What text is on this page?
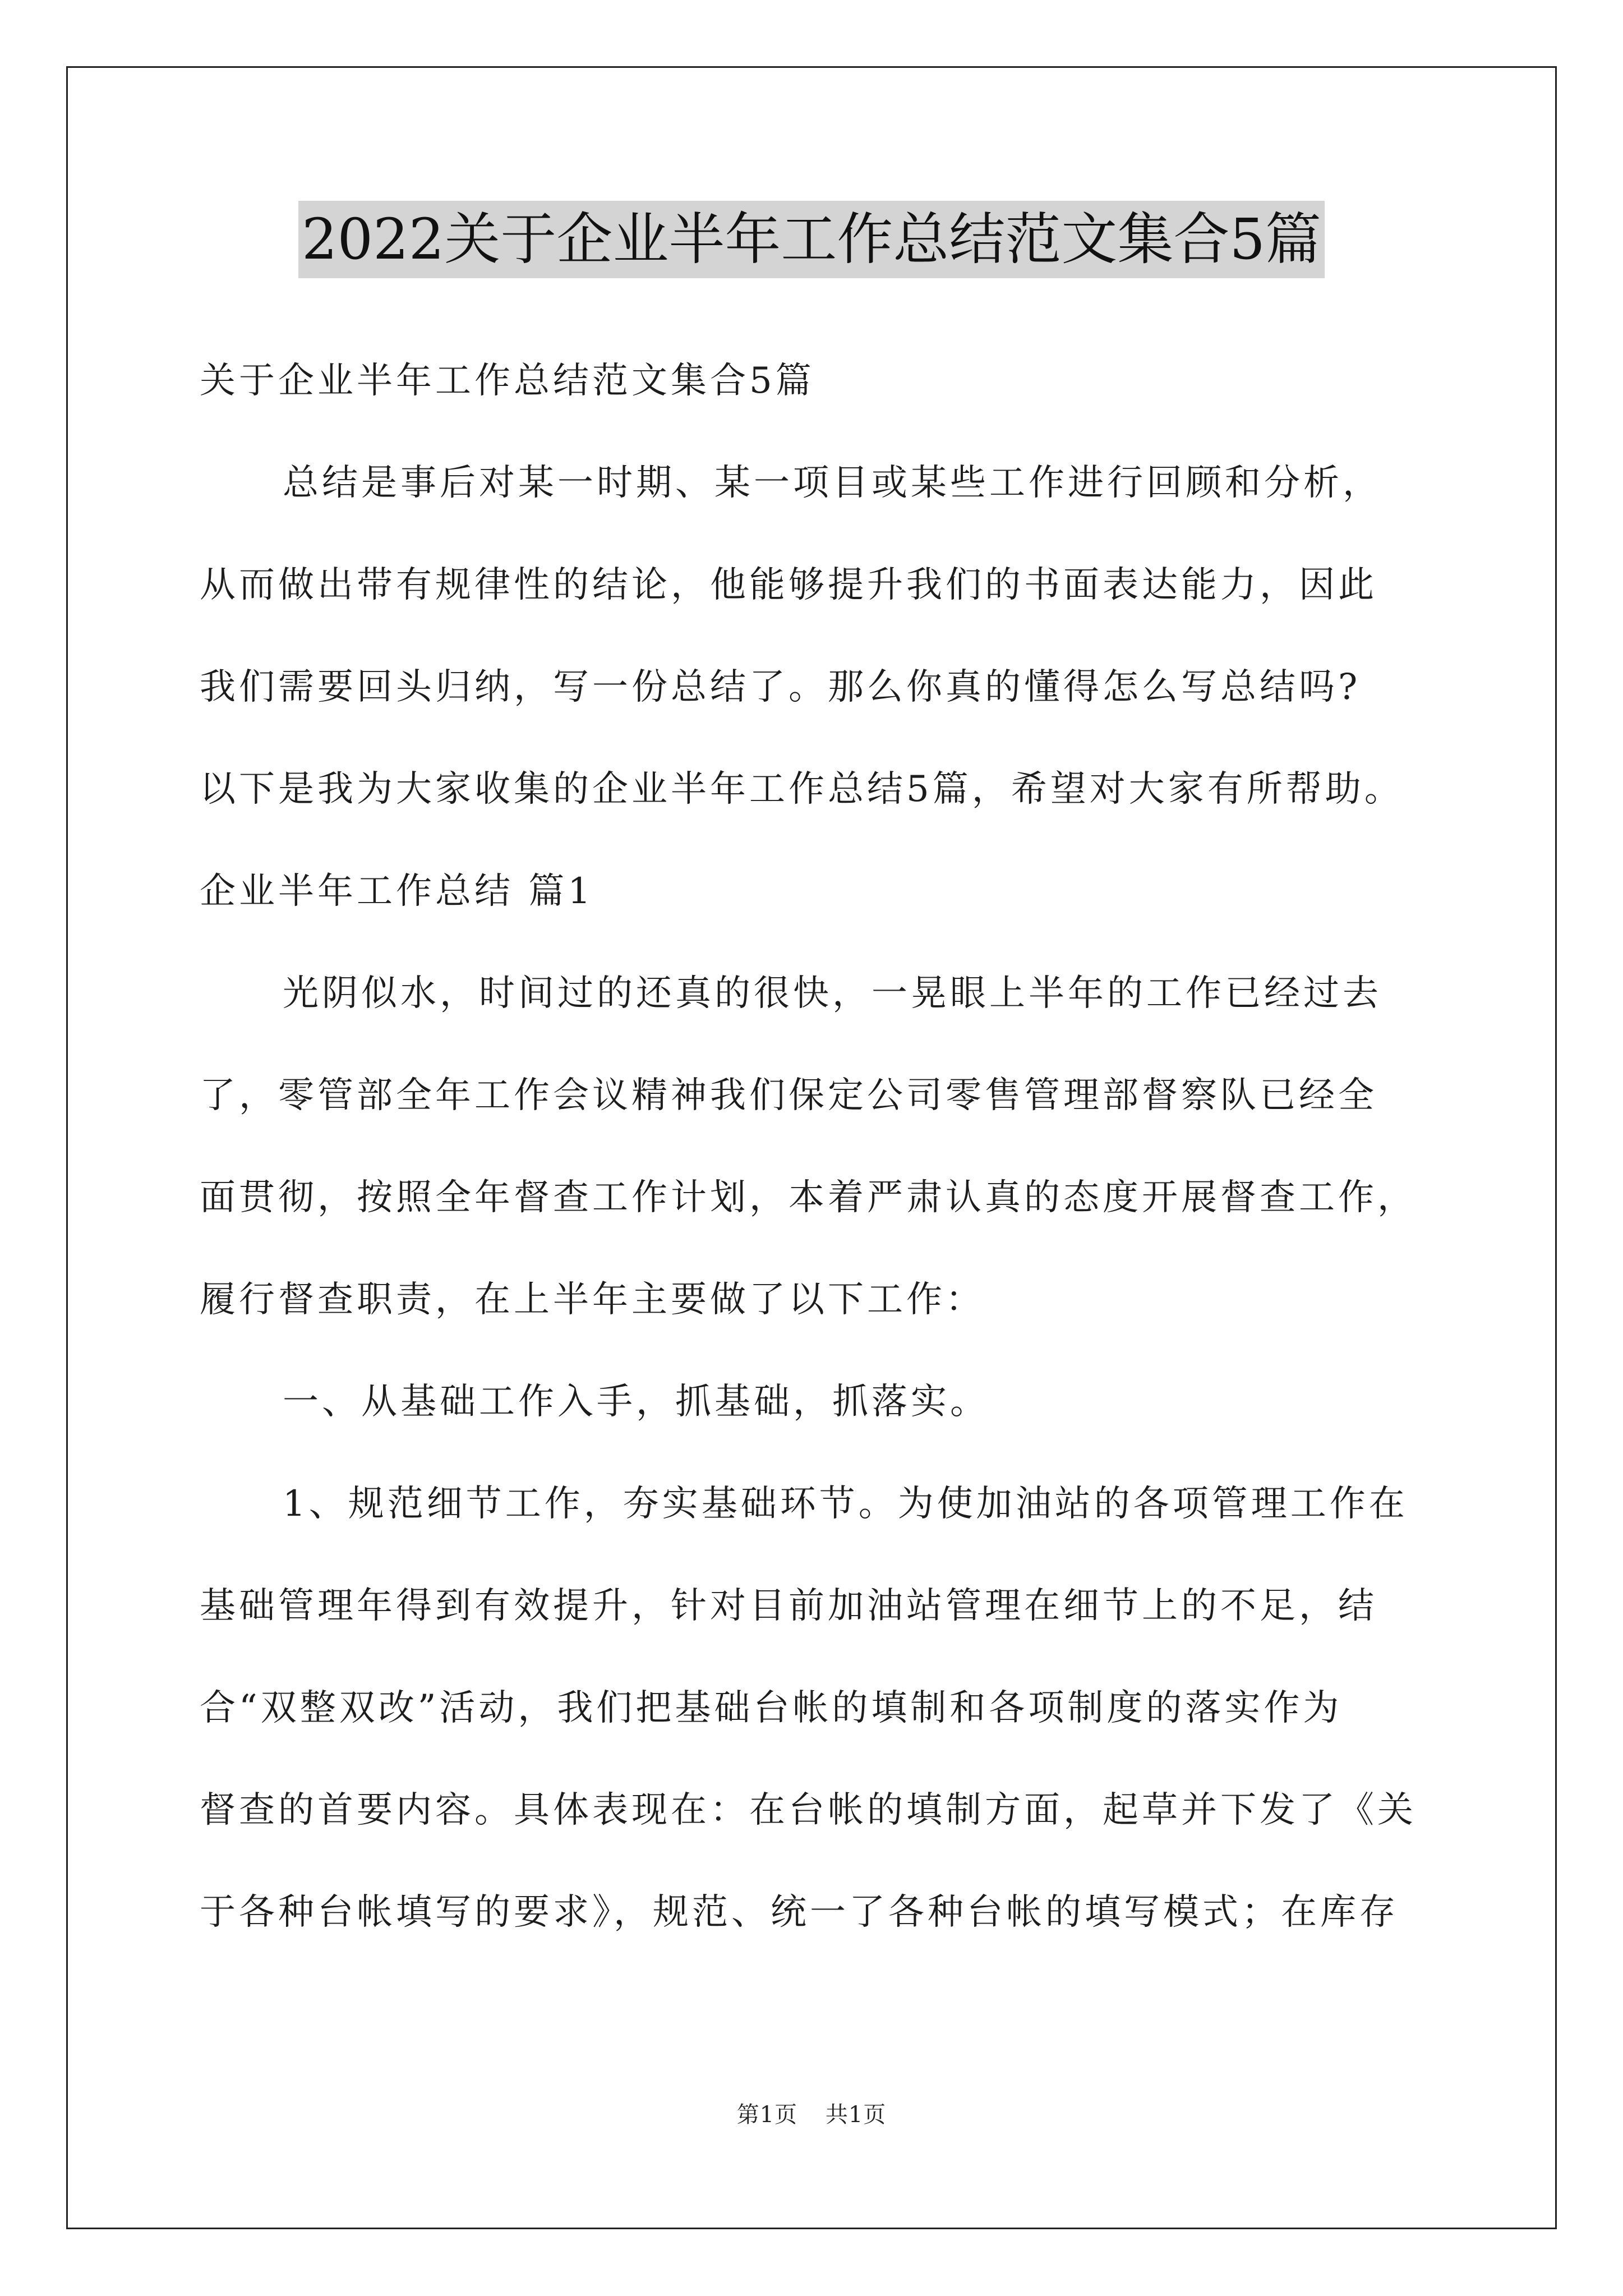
2022关于企业半年工作总结范文集合5篇
关于企业半年工作总结范文集合5篇
总结是事后对某一时期、某一项目或某些工作进行回顾和分析，
从而做出带有规律性的结论，他能够提升我们的书面表达能力，因此
我们需要回头归纳，写一份总结了。那么你真的懂得怎么写总结吗?
以下是我为大家收集的企业半年工作总结5篇，希望对大家有所帮助。
企业半年工作总结 篇1
光阴似水，时间过的还真的很快，一晃眼上半年的工作已经过去
了，零管部全年工作会议精神我们保定公司零售管理部督察队已经全
面贯彻，按照全年督查工作计划，本着严肃认真的态度开展督查工作，
履行督查职责，在上半年主要做了以下工作：
一、从基础工作入手，抓基础，抓落实。
1、规范细节工作，夯实基础环节。为使加油站的各项管理工作在
基础管理年得到有效提升，针对目前加油站管理在细节上的不足，结
合“双整双改”活动，我们把基础台帐的填制和各项制度的落实作为
督查的首要内容。具体表现在：在台帐的填制方面，起草并下发了《关
于各种台帐填写的要求》，规范、统一了各种台帐的填写模式；在库存
第1页 共1页
